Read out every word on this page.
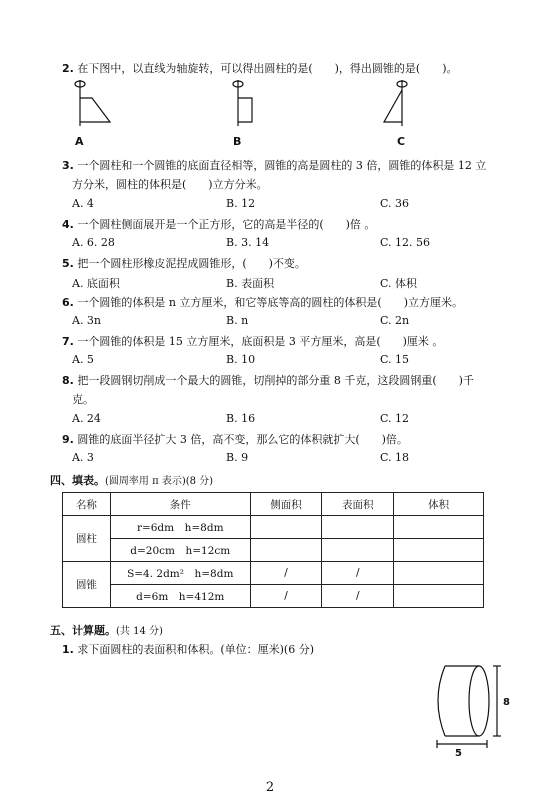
2. 在下图中，以直线为轴旋转，可以得出圆柱的是(　　)，得出圆锥的是(　　)。
A	B	C
3. 一个圆柱和一个圆锥的底面直径相等，圆锥的高是圆柱的 3 倍，圆锥的体积是 12 立
方分米，圆柱的体积是(　　)立方分米。
A. 4	B. 12	C. 36
4. 一个圆柱侧面展开是一个正方形，它的高是半径的(　　)倍 。
A. 6. 28	B. 3. 14	C. 12. 56
5. 把一个圆柱形橡皮泥捏成圆锥形，(　　)不变。
A. 底面积	B. 表面积	C. 体积
6. 一个圆锥的体积是 n 立方厘米，和它等底等高的圆柱的体积是(　　)立方厘米。
A. 3n	B. n	C. 2n
7. 一个圆锥的体积是 15 立方厘米，底面积是 3 平方厘米，高是(　　)厘米 。
A. 5	B. 10	C. 15
8. 把一段圆钢切削成一个最大的圆锥，切削掉的部分重 8 千克，这段圆钢重(　　)千
克。
A. 24	B. 16	C. 12
9. 圆锥的底面半径扩大 3 倍，高不变，那么它的体积就扩大(　　)倍。
A. 3	B. 9	C. 18
四、填表。(圆周率用 π 表示)(8 分)
名称	条件	侧面积	表面积	体积
圆柱	r=6dm　h=8dm			
	d=20cm　h=12cm			
圆锥	S=4. 2dm²　h=8dm	/	/	
	d=6m　h=412m	/	/	
五、计算题。(共 14 分)
1. 求下面圆柱的表面积和体积。(单位：厘米)(6 分)
8
5
2
